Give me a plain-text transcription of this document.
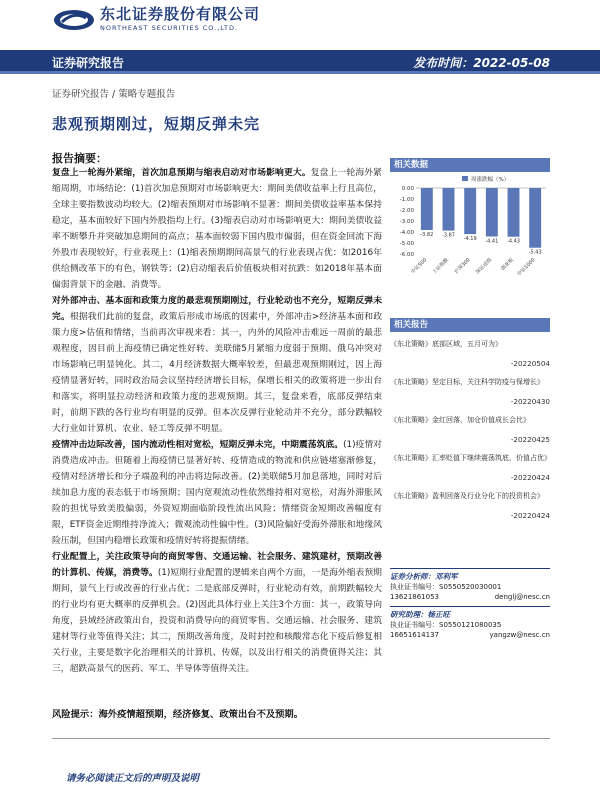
东北证券股份有限公司
NORTHEAST SECURITIES CO.,LTD.
证券研究报告	发布时间：2022-05-08
证券研究报告 / 策略专题报告
悲观预期刚过，短期反弹未完
报告摘要：

复盘上一轮海外紧缩，首次加息预期与缩表启动对市场影响更大。复盘上一轮海外紧缩周期，市场结论：(1)首次加息预期对市场影响更大：期间美债收益率上行且高位，全球主要指数波动均较大。(2)缩表预期对市场影响不显著：期间美债收益率基本保持稳定，基本面较好下国内外股指均上行。(3)缩表启动对市场影响更大：期间美债收益率不断攀升并突破加息期间的高点；基本面较弱下国内股市偏弱，但在资金回流下海外股市表现较好，行业表现上：(1)缩表预期期间高景气的行业表现占优：如2016年供给侧改革下的有色，钢铁等；(2)启动缩表后价值板块相对抗跌：如2018年基本面偏弱背景下的金融、消费等。

对外部冲击、基本面和政策力度的最悲观预期刚过，行业轮动也不充分，短期反弹未完。根据我们此前的复盘，政策后形成市场底的因素中，外部冲击>经济基本面和政策力度>估值和情绪，当前再次审视来看：其一，内外的风险冲击难远一周前的最悲观程度，因目前上海疫情已确定性好转、美联储5月紧缩力度弱于预期、俄乌冲突对市场影响已明显钝化。其二，4月经济数据大概率较差，但最悲观预期刚过，因上海疫情显著好转，同时政治局会议坚持经济增长目标，保增长相关的政策将进一步出台和落实，将明显拉动经济和政策力度的悲观预期。其三，复盘来看，底部反弹结束时，前期下跌的各行业均有明显的反弹。但本次反弹行业轮动并不充分，部分跌幅较大行业如计算机、农业、轻工等反弹不明显。

疫情冲击边际改善，国内流动性相对宽松，短期反弹未完，中期震荡筑底。(1)疫情对消费造成冲击。但随着上海疫情已显著好转、疫情造成的物流和供应链堵塞渐修复，疫情对经济增长和分子端盈利的冲击将边际改善。(2)美联储5月加息落地，同时对后续加息力度的表态低于市场预期；国内宽观流动性依然维持相对宽松，对海外滞胀风险的担忧导致美股偏弱，外资短期面临阶段性流出风险；情绪资金短期改善幅度有限，ETF资金近期维持净流入；微观流动性偏中性。(3)风险偏好受海外滞胀和地缘风险压制，但国内稳增长政策和疫情好转将提振情绪。

行业配置上，关注政策导向的商贸零售、交通运输、社会服务、建筑建材，预期改善的计算机、传媒，消费等。(1)短期行业配置的逻辑来自两个方面，一是海外缩表预期期间，景气上行或改善的行业占优；二是底部反弹时，行业轮动有效，前期跌幅较大的行业均有更大概率的反弹机会。(2)因此具体行业上关注3个方面：其一，政策导向角度，县域经济政策出台，投资和消费导向的商贸零售、交通运输、社会服务、建筑建材等行业等值得关注；其二，预期改善角度，及时封控和核酸常态化下疫后修复相关行业，主要是数字化治理相关的计算机、传媒，以及出行相关的消费值得关注；其三，超跌高景气的医药、军工、半导体等值得关注。

风险提示：海外疫情超预期，经济修复、政策出台不及预期。
相关数据
周涨跌幅（%）
0.00
-1.00
-2.00
-3.00
-4.00
-5.00
-6.00
-3.82
中证500
-3.87
上证指数
-4.19
沪深300
-4.41
深证成指
-4.43
创业板
-5.43
中证1000
相关报告
《东北策略》底部区域，五月可为》
-20220504
《东北策略》坚定目标，关注科学防疫与保增长》
-20220430
《东北策略》金红回落，加仓价值成长会比》
-20220425
《东北策略》汇率贬值下继续震荡筑底，价值占优》
-20220424
《东北策略》盈利回落及行业分化下的投资机会》
-20220424
证券分析师：邓利军
执业证书编号：S0550520030001
13621861053	denglj@nesc.cn
研究助理：杨正旺
执业证书编号：S0550121080035
16651614137	yangzw@nesc.cn
请务必阅读正文后的声明及说明
